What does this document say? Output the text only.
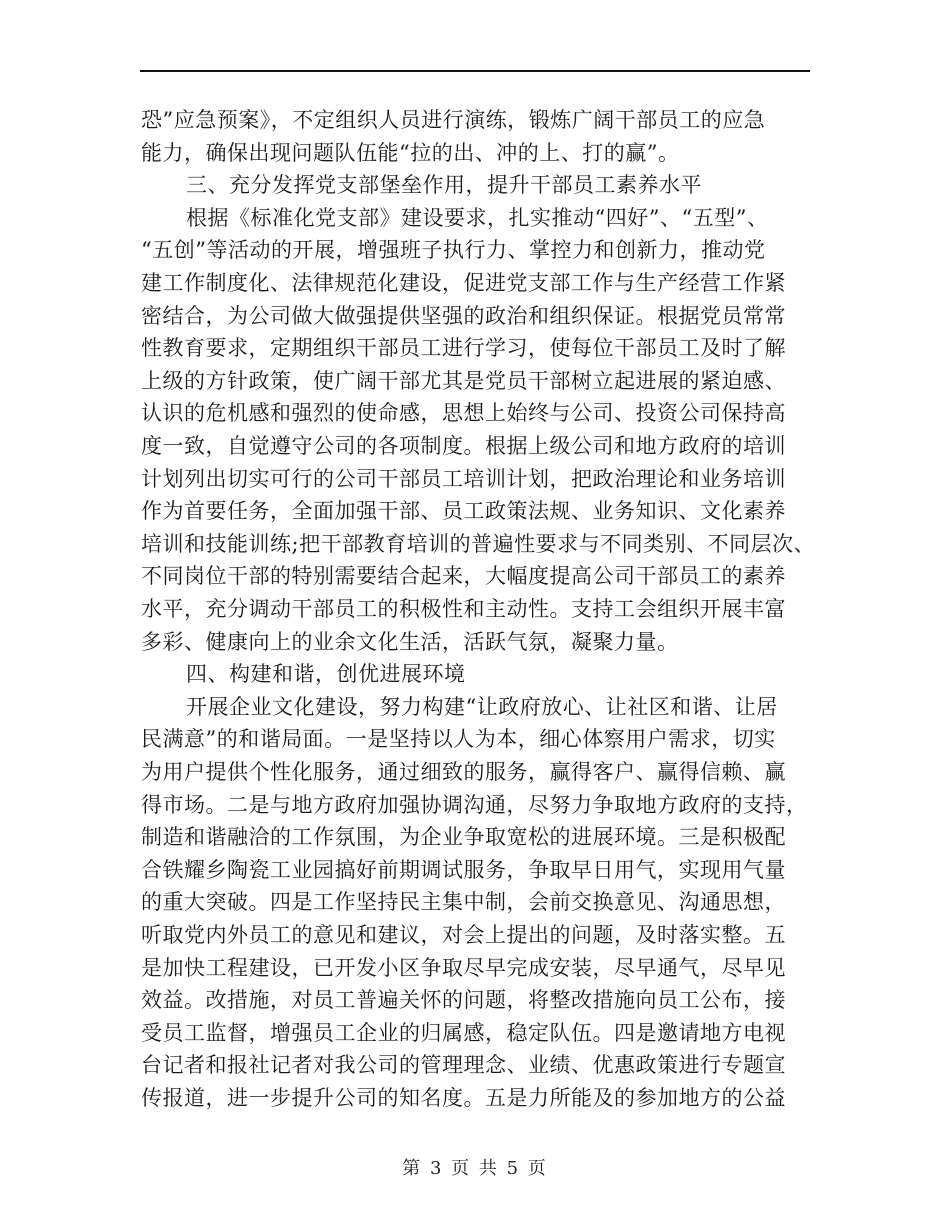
恐”应急预案》，不定组织人员进行演练，锻炼广阔干部员工的应急
能力，确保出现问题队伍能“拉的出、冲的上、打的赢”。
三、充分发挥党支部堡垒作用，提升干部员工素养水平
根据《标准化党支部》建设要求，扎实推动“四好”、“五型”、
“五创”等活动的开展，增强班子执行力、掌控力和创新力，推动党
建工作制度化、法律规范化建设，促进党支部工作与生产经营工作紧
密结合，为公司做大做强提供坚强的政治和组织保证。根据党员常常
性教育要求，定期组织干部员工进行学习，使每位干部员工及时了解
上级的方针政策，使广阔干部尤其是党员干部树立起进展的紧迫感、
认识的危机感和强烈的使命感，思想上始终与公司、投资公司保持高
度一致，自觉遵守公司的各项制度。根据上级公司和地方政府的培训
计划列出切实可行的公司干部员工培训计划，把政治理论和业务培训
作为首要任务，全面加强干部、员工政策法规、业务知识、文化素养
培训和技能训练;把干部教育培训的普遍性要求与不同类别、不同层次、
不同岗位干部的特别需要结合起来，大幅度提高公司干部员工的素养
水平，充分调动干部员工的积极性和主动性。支持工会组织开展丰富
多彩、健康向上的业余文化生活，活跃气氛，凝聚力量。
四、构建和谐，创优进展环境
开展企业文化建设，努力构建“让政府放心、让社区和谐、让居
民满意”的和谐局面。一是坚持以人为本，细心体察用户需求，切实
为用户提供个性化服务，通过细致的服务，赢得客户、赢得信赖、赢
得市场。二是与地方政府加强协调沟通，尽努力争取地方政府的支持，
制造和谐融洽的工作氛围，为企业争取宽松的进展环境。三是积极配
合铁耀乡陶瓷工业园搞好前期调试服务，争取早日用气，实现用气量
的重大突破。四是工作坚持民主集中制，会前交换意见、沟通思想，
听取党内外员工的意见和建议，对会上提出的问题，及时落实整。五
是加快工程建设，已开发小区争取尽早完成安装，尽早通气，尽早见
效益。改措施，对员工普遍关怀的问题，将整改措施向员工公布，接
受员工监督，增强员工企业的归属感，稳定队伍。四是邀请地方电视
台记者和报社记者对我公司的管理理念、业绩、优惠政策进行专题宣
传报道，进一步提升公司的知名度。五是力所能及的参加地方的公益
第 3 页 共 5 页
